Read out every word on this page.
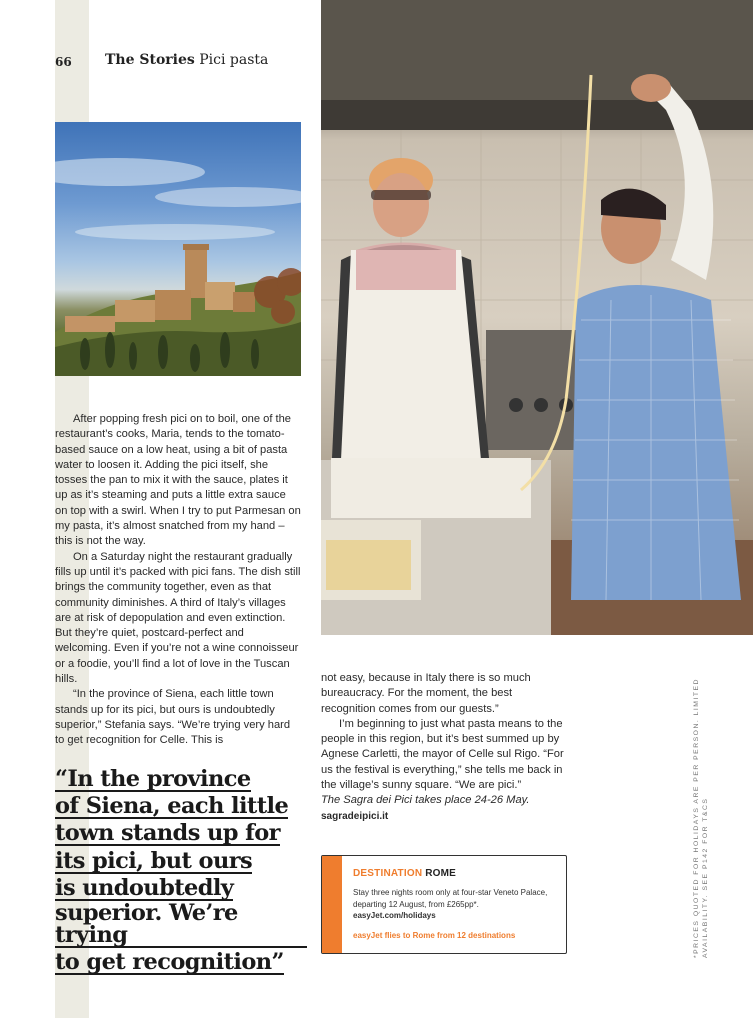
66 The Stories Pici pasta

After popping fresh pici on to boil, one of the restaurant’s cooks, Maria, tends to the tomato-based sauce on a low heat, using a bit of pasta water to loosen it. Adding the pici itself, she tosses the pan to mix it with the sauce, plates it up as it’s steaming and puts a little extra sauce on top with a swirl. When I try to put Parmesan on my pasta, it’s almost snatched from my hand – this is not the way.

On a Saturday night the restaurant gradually fills up until it’s packed with pici fans. The dish still brings the community together, even as that community diminishes. A third of Italy’s villages are at risk of depopulation and even extinction. But they’re quiet, postcard-perfect and welcoming. Even if you’re not a wine connoisseur or a foodie, you’ll find a lot of love in the Tuscan hills.

“In the province of Siena, each little town stands up for its pici, but ours is undoubtedly superior,” Stefania says. “We’re trying very hard to get recognition for Celle. This is

not easy, because in Italy there is so much bureaucracy. For the moment, the best recognition comes from our guests.”

I’m beginning to just what pasta means to the people in this region, but it’s best summed up by Agnese Carletti, the mayor of Celle sul Rigo. “For us the festival is everything,” she tells me back in the village’s sunny square. “We are pici.”

The Sagra dei Pici takes place 24-26 May.

sagradeipici.it

“In the province
of Siena, each little
town stands up for
its pici, but ours
is undoubtedly
superior. We’re trying
to get recognition”
DESTINATION ROME
Stay three nights room only at four-star Veneto Palace, departing 12 August, from £265pp*.
easyJet.com/holidays
easyJet flies to Rome from 12 destinations	*PRICES QUOTED FOR HOLIDAYS ARE PER PERSON. LIMITED AVAILABILITY. SEE P142 FOR T&CS
